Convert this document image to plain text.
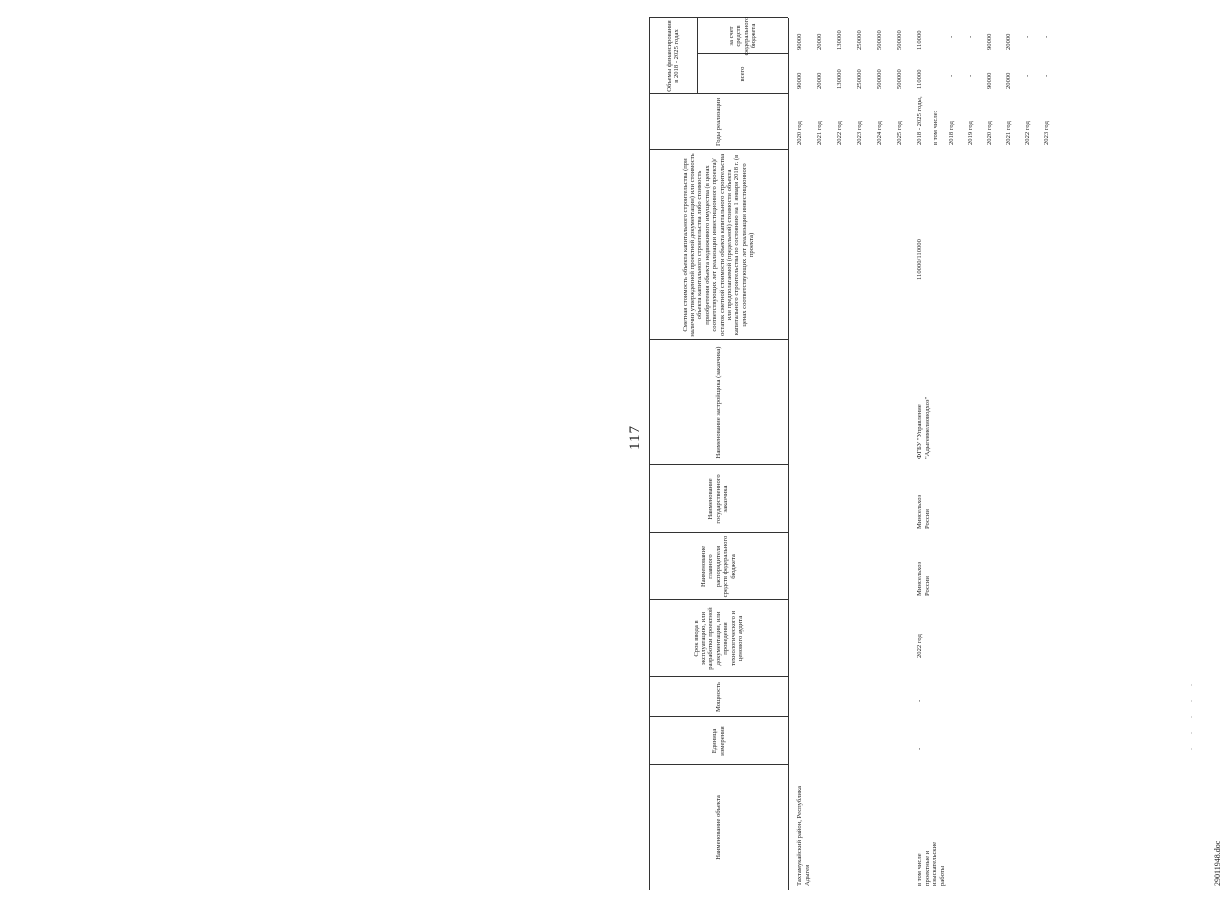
117
Наименование объекта
Единица измерения
Мощность
Срок ввода в эксплуатацию, или разработки проектной документации, или проведения технологического и ценового аудита
Наименование главного распорядителя средств федерального бюджета
Наименование государственного заказчика
Наименование застройщика (заказчика)
Сметная стоимость объекта капитального строительства (при наличии утвержденной проектной документации) или стоимость объекта капитального строительства либо стоимость приобретения объекта недвижимого имущества (в ценах соответствующих лет реализации инвестиционного проекта)/остаток сметной стоимости объекта капитального строительства или предполагаемой (предельной) стоимости объекта капитального строительства по состоянию на 1 января 2018 г. (в ценах соответствующих лет реализации инвестиционного проекта)
Годы реализации
Объемы финансирования в 2018 - 2025 годах	всего
за счет средств федерального бюджета
Тахтамукайский район, Республика Адыгея
2020 год
90000
90000
2021 год
20000
20000
2022 год
130000
130000
2023 год
250000
250000
2024 год
500000
500000
2025 год
500000
500000
в том числе проектные и изыскательские работы
-
-
2022 год
Минсельхоз России
Минсельхоз России
ФГБУ "Управление "Адыгеямелиоводхоз"
110000/110000
2018 - 2025 годы,
110000
110000
в том числе: 2018 год
-
-
2019 год
-
-
2020 год
90000
90000
2021 год
20000
20000
2022 год
-
-
2023 год
-
-
. . . . .
29011948.doc
